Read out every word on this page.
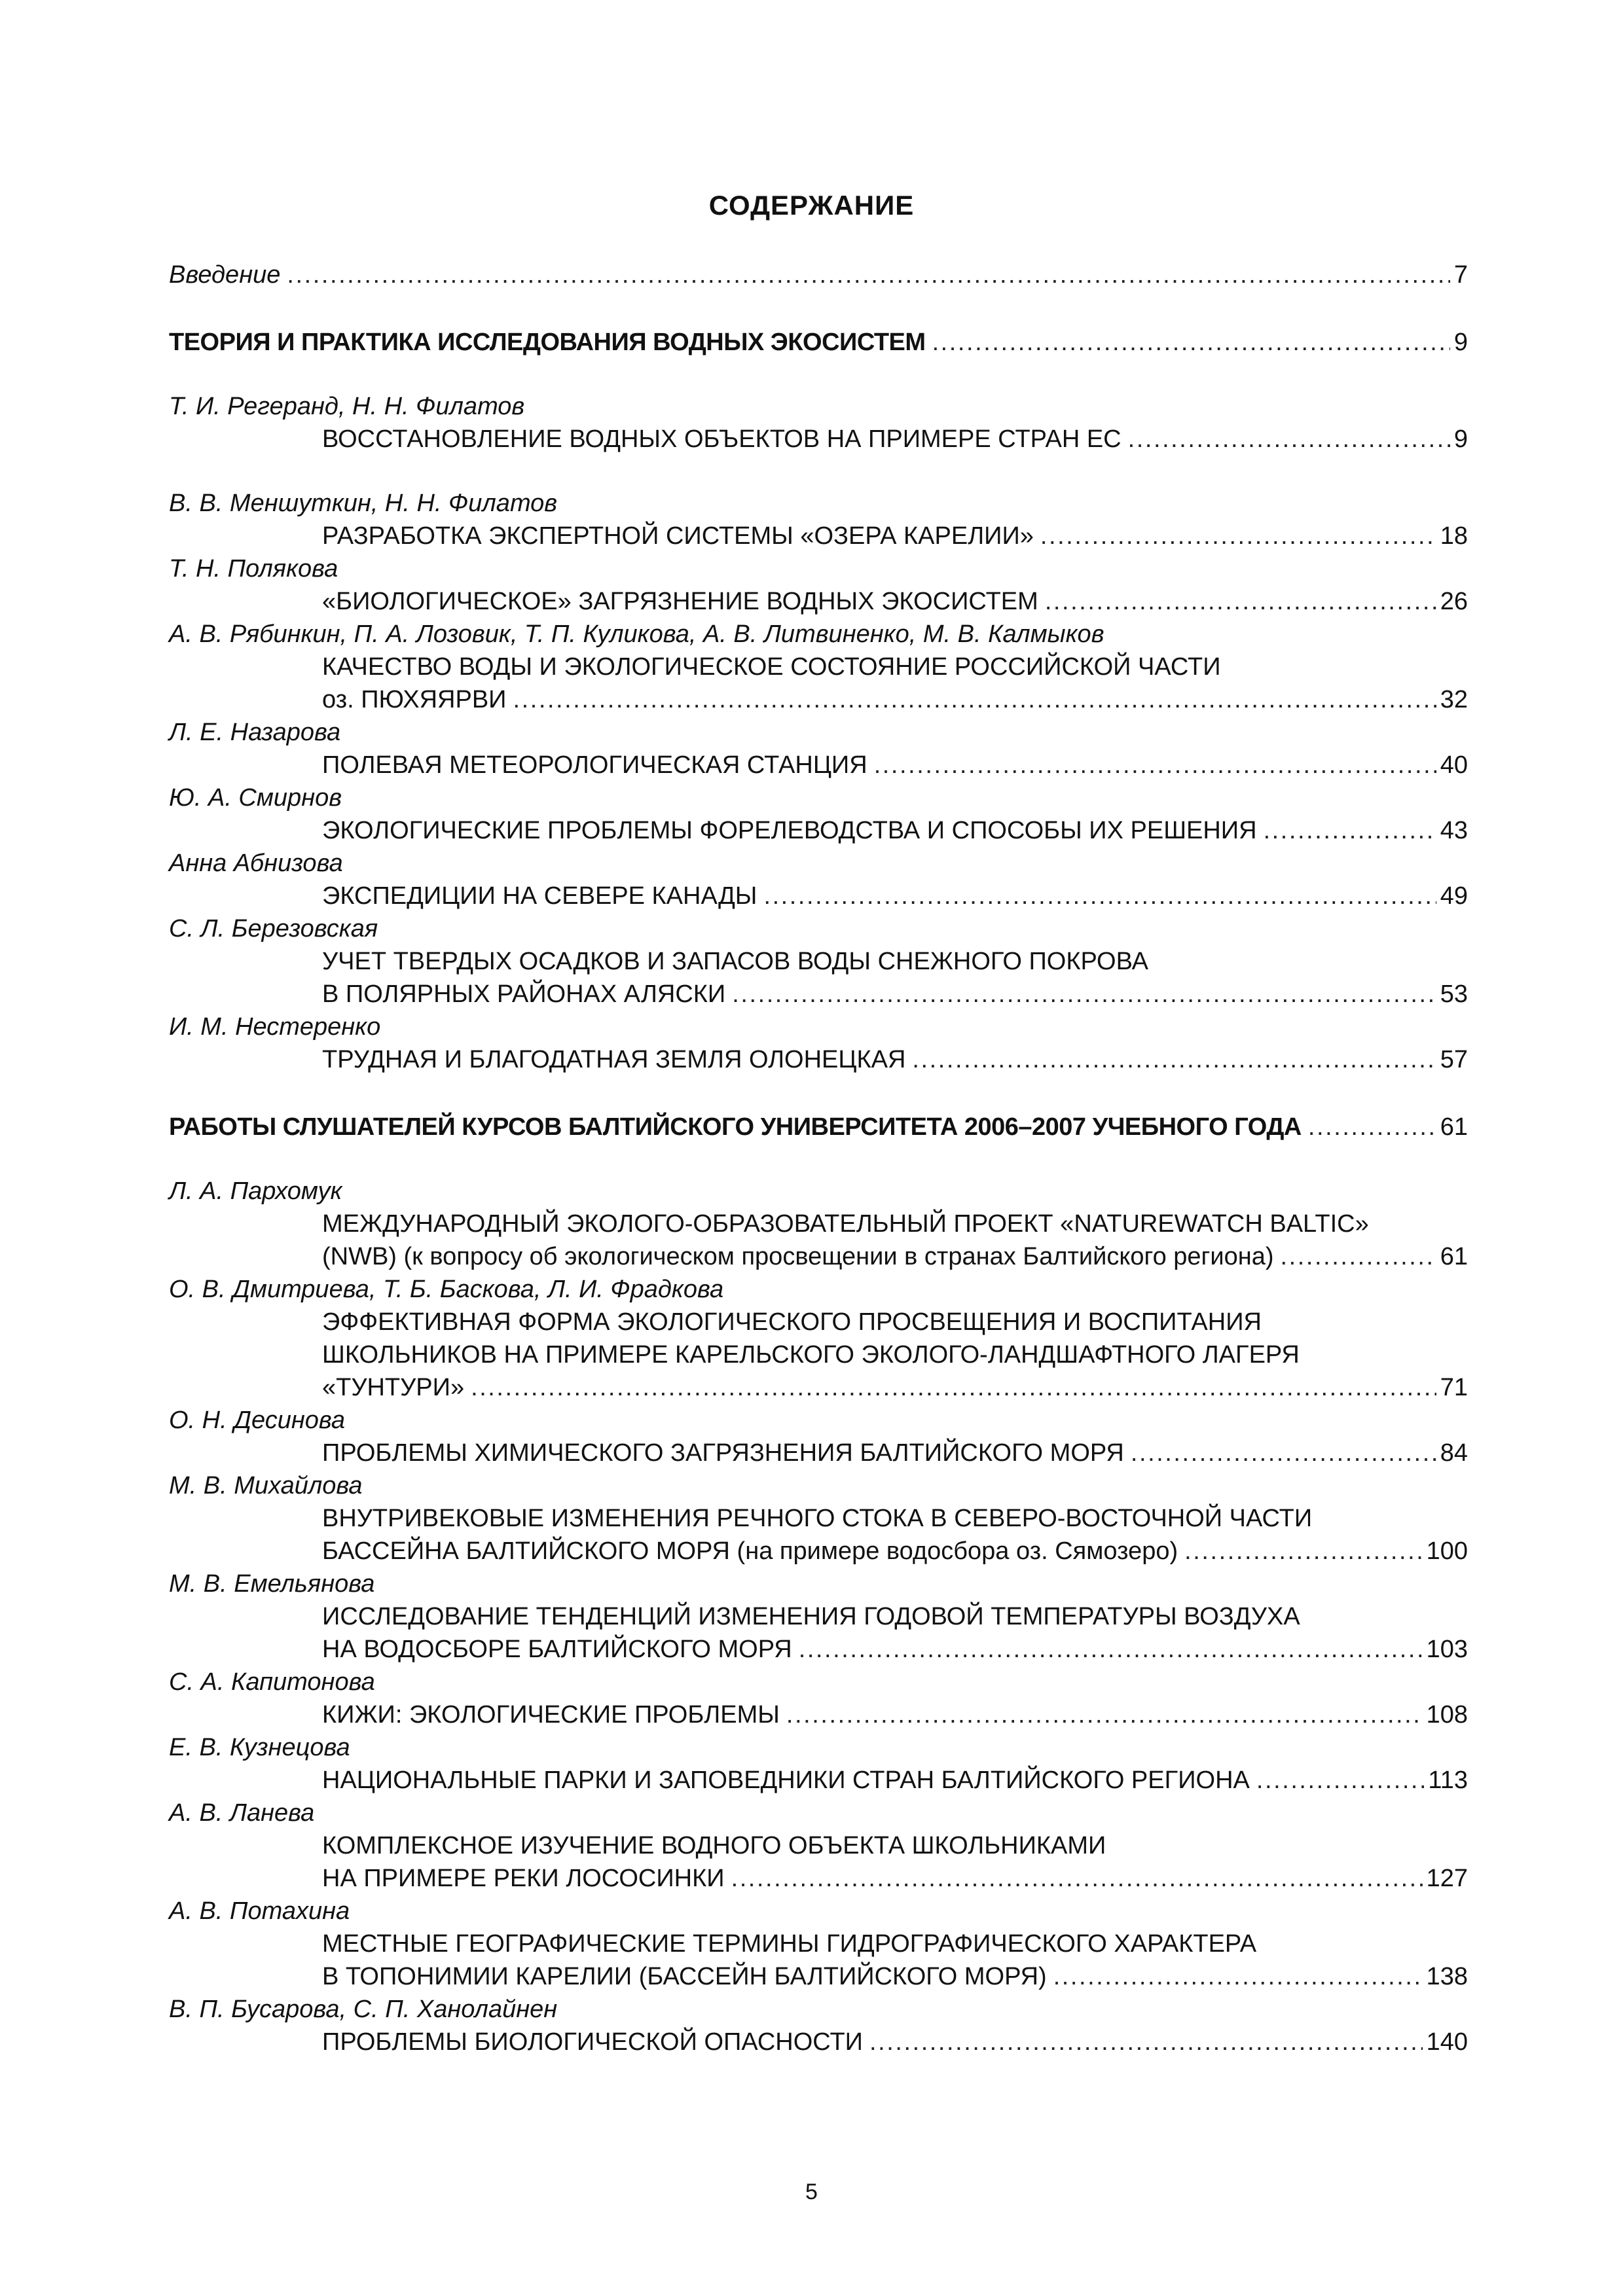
СОДЕРЖАНИЕ
Введение . . .	7
ТЕОРИЯ И ПРАКТИКА ИССЛЕДОВАНИЯ ВОДНЫХ ЭКОСИСТЕМ . . .	9
Т. И. Регеранд, Н. Н. Филатов
ВОССТАНОВЛЕНИЕ ВОДНЫХ ОБЪЕКТОВ НА ПРИМЕРЕ СТРАН ЕС . . .	9
В. В. Меншуткин, Н. Н. Филатов
РАЗРАБОТКА ЭКСПЕРТНОЙ СИСТЕМЫ «ОЗЕРА КАРЕЛИИ» . . .	18
Т. Н. Полякова
«БИОЛОГИЧЕСКОЕ» ЗАГРЯЗНЕНИЕ ВОДНЫХ ЭКОСИСТЕМ . . .	26
А. В. Рябинкин, П. А. Лозовик, Т. П. Куликова, А. В. Литвиненко, М. В. Калмыков
КАЧЕСТВО ВОДЫ И ЭКОЛОГИЧЕСКОЕ СОСТОЯНИЕ РОССИЙСКОЙ ЧАСТИ
оз. ПЮХЯЯРВИ . . .	32
Л. Е. Назарова
ПОЛЕВАЯ МЕТЕОРОЛОГИЧЕСКАЯ СТАНЦИЯ . . .	40
Ю. А. Смирнов
ЭКОЛОГИЧЕСКИЕ ПРОБЛЕМЫ ФОРЕЛЕВОДСТВА И СПОСОБЫ ИХ РЕШЕНИЯ . . .	43
Анна Абнизова
ЭКСПЕДИЦИИ НА СЕВЕРЕ КАНАДЫ . . .	49
С. Л. Березовская
УЧЕТ ТВЕРДЫХ ОСАДКОВ И ЗАПАСОВ ВОДЫ СНЕЖНОГО ПОКРОВА
В ПОЛЯРНЫХ РАЙОНАХ АЛЯСКИ . . .	53
И. М. Нестеренко
ТРУДНАЯ И БЛАГОДАТНАЯ ЗЕМЛЯ ОЛОНЕЦКАЯ . . .	57
РАБОТЫ СЛУШАТЕЛЕЙ КУРСОВ БАЛТИЙСКОГО УНИВЕРСИТЕТА 2006–2007 УЧЕБНОГО ГОДА . . .	61
Л. А. Пархомук
МЕЖДУНАРОДНЫЙ ЭКОЛОГО-ОБРАЗОВАТЕЛЬНЫЙ ПРОЕКТ «NATUREWATCH BALTIC»
(NWB) (к вопросу об экологическом просвещении в странах Балтийского региона) . . .	61
О. В. Дмитриева, Т. Б. Баскова, Л. И. Фрадкова
ЭФФЕКТИВНАЯ ФОРМА ЭКОЛОГИЧЕСКОГО ПРОСВЕЩЕНИЯ И ВОСПИТАНИЯ
ШКОЛЬНИКОВ НА ПРИМЕРЕ КАРЕЛЬСКОГО ЭКОЛОГО-ЛАНДШАФТНОГО ЛАГЕРЯ
«ТУНТУРИ» . . .	71
О. Н. Десинова
ПРОБЛЕМЫ ХИМИЧЕСКОГО ЗАГРЯЗНЕНИЯ БАЛТИЙСКОГО МОРЯ . . .	84
М. В. Михайлова
ВНУТРИВЕКОВЫЕ ИЗМЕНЕНИЯ РЕЧНОГО СТОКА В СЕВЕРО-ВОСТОЧНОЙ ЧАСТИ
БАССЕЙНА БАЛТИЙСКОГО МОРЯ (на примере водосбора оз. Сямозеро) . . .	100
М. В. Емельянова
ИССЛЕДОВАНИЕ ТЕНДЕНЦИЙ ИЗМЕНЕНИЯ ГОДОВОЙ ТЕМПЕРАТУРЫ ВОЗДУХА
НА ВОДОСБОРЕ БАЛТИЙСКОГО МОРЯ . . .	103
С. А. Капитонова
КИЖИ: ЭКОЛОГИЧЕСКИЕ ПРОБЛЕМЫ . . .	108
Е. В. Кузнецова
НАЦИОНАЛЬНЫЕ ПАРКИ И ЗАПОВЕДНИКИ СТРАН БАЛТИЙСКОГО РЕГИОНА . . .	113
А. В. Ланева
КОМПЛЕКСНОЕ ИЗУЧЕНИЕ ВОДНОГО ОБЪЕКТА ШКОЛЬНИКАМИ
НА ПРИМЕРЕ РЕКИ ЛОСОСИНКИ . . .	127
А. В. Потахина
МЕСТНЫЕ ГЕОГРАФИЧЕСКИЕ ТЕРМИНЫ ГИДРОГРАФИЧЕСКОГО ХАРАКТЕРА
В ТОПОНИМИИ КАРЕЛИИ (БАССЕЙН БАЛТИЙСКОГО МОРЯ) . . .	138
В. П. Бусарова, С. П. Ханолайнен
ПРОБЛЕМЫ БИОЛОГИЧЕСКОЙ ОПАСНОСТИ . . .	140
5
